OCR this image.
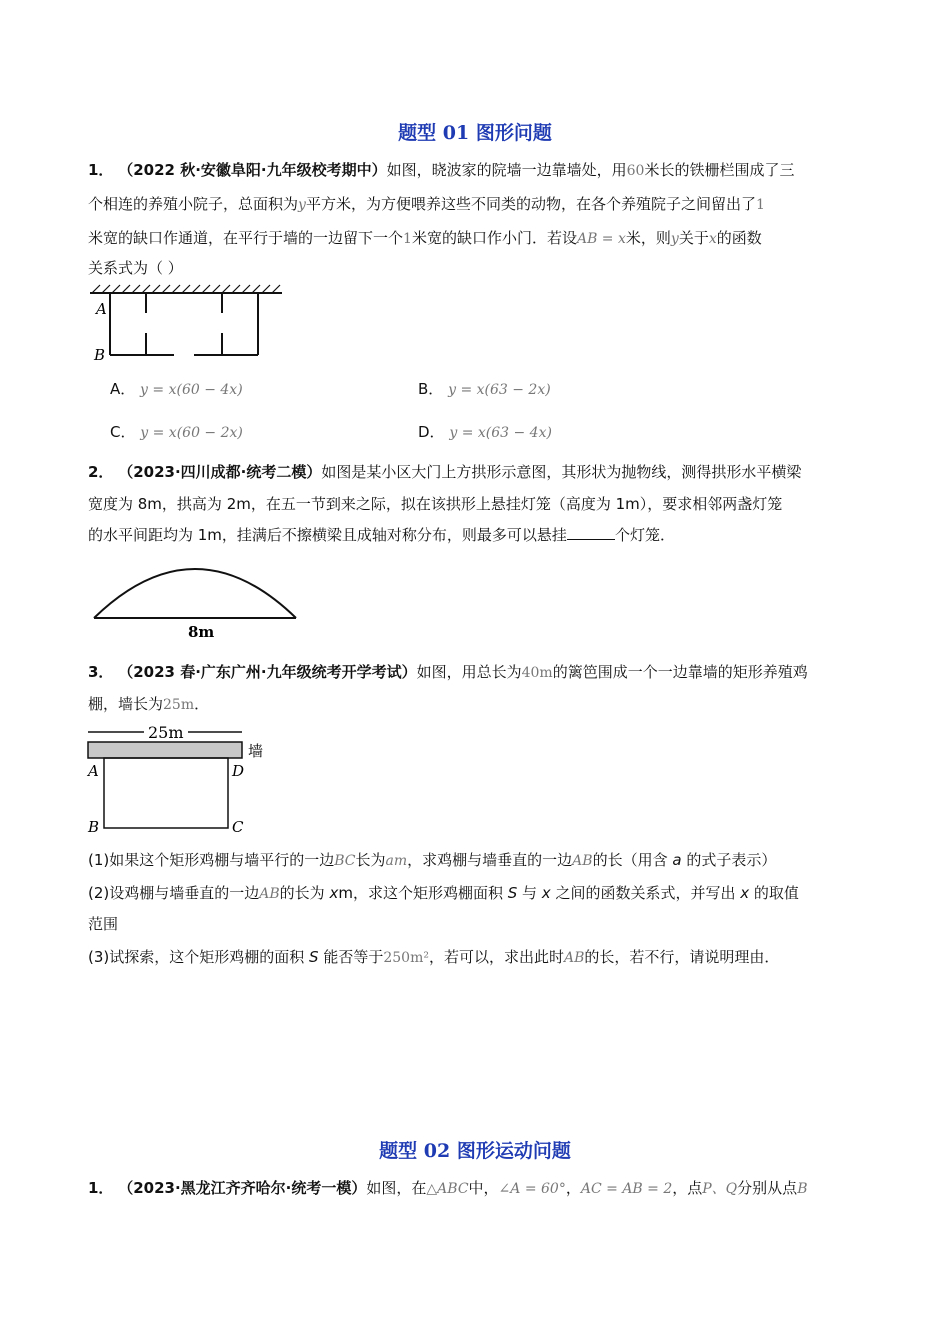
题型 01 图形问题
1． （2022 秋·安徽阜阳·九年级校考期中）如图，晓波家的院墙一边靠墙处，用60米长的铁栅栏围成了三
个相连的养殖小院子，总面积为y平方米，为方便喂养这些不同类的动物，在各个养殖院子之间留出了1
米宽的缺口作通道，在平行于墙的一边留下一个1米宽的缺口作小门．若设AB = x米，则y关于x的函数
关系式为（ ）
A
B
A． y = x(60 − 4x)	B． y = x(63 − 2x)
C． y = x(60 − 2x)	D． y = x(63 − 4x)
2． （2023·四川成都·统考二模）如图是某小区大门上方拱形示意图，其形状为抛物线，测得拱形水平横梁
宽度为 8m，拱高为 2m，在五一节到来之际，拟在该拱形上悬挂灯笼（高度为 1m），要求相邻两盏灯笼
的水平间距均为 1m，挂满后不擦横梁且成轴对称分布，则最多可以悬挂	个灯笼．
8m
3． （2023 春·广东广州·九年级统考开学考试）如图，用总长为40m的篱笆围成一个一边靠墙的矩形养殖鸡
棚，墙长为25m．
25m
墙
A	D
B	C
(1)如果这个矩形鸡棚与墙平行的一边BC长为am，求鸡棚与墙垂直的一边AB的长（用含 a 的式子表示）
(2)设鸡棚与墙垂直的一边AB的长为 xm，求这个矩形鸡棚面积 S 与 x 之间的函数关系式，并写出 x 的取值
范围
(3)试探索，这个矩形鸡棚的面积 S 能否等于250m²，若可以，求出此时AB的长，若不行，请说明理由．
题型 02 图形运动问题
1． （2023·黑龙江齐齐哈尔·统考一模）如图，在△ABC中，∠A = 60°，AC = AB = 2，点P、Q分别从点B
